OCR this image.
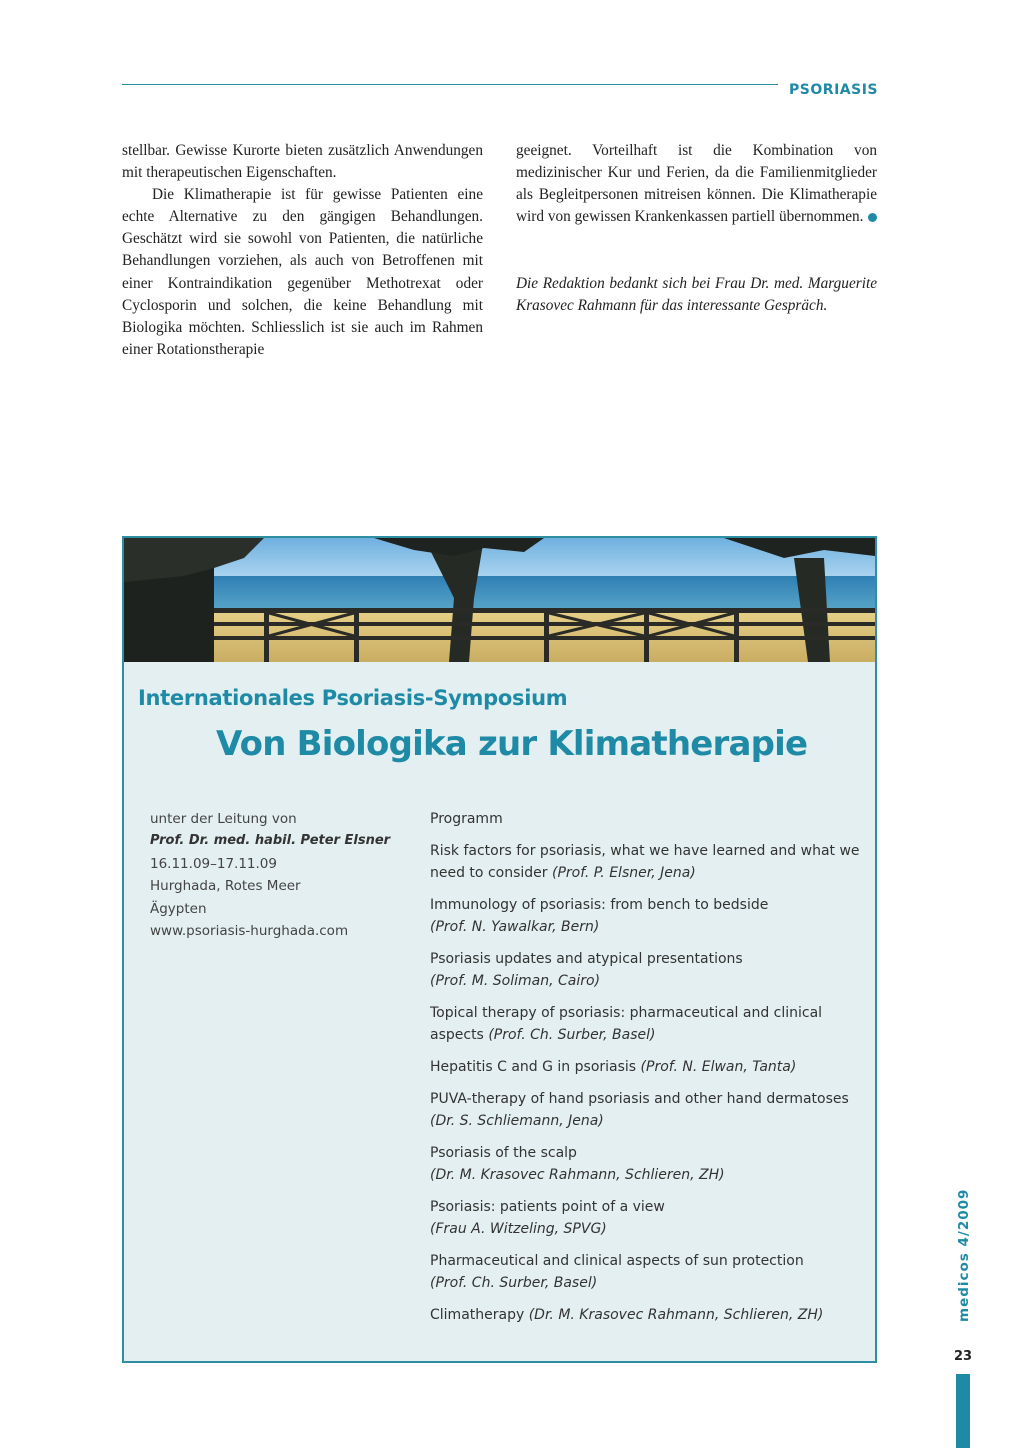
PSORIASIS

stellbar. Gewisse Kurorte bieten zusätzlich Anwendungen mit therapeutischen Eigenschaften.

Die Klimatherapie ist für gewisse Patienten eine echte Alternative zu den gängigen Behandlungen. Geschätzt wird sie sowohl von Patienten, die natürliche Behandlungen vorziehen, als auch von Betroffenen mit einer Kontraindikation gegenüber Methotrexat oder Cyclosporin und solchen, die keine Behandlung mit Biologika möchten. Schliesslich ist sie auch im Rahmen einer Rotationstherapie

geeignet. Vorteilhaft ist die Kombination von medizinischer Kur und Ferien, da die Familienmitglieder als Begleitpersonen mitreisen können. Die Klimatherapie wird von gewissen Krankenkassen partiell übernommen.

Die Redaktion bedankt sich bei Frau Dr. med. Marguerite Krasovec Rahmann für das interessante Gespräch.

Internationales Psoriasis-Symposium
Von Biologika zur Klimatherapie
unter der Leitung von
Prof. Dr. med. habil. Peter Elsner
16.11.09–17.11.09
Hurghada, Rotes Meer
Ägypten
www.psoriasis-hurghada.com
Programm
Risk factors for psoriasis, what we have learned and what we need to consider (Prof. P. Elsner, Jena)
Immunology of psoriasis: from bench to bedside
(Prof. N. Yawalkar, Bern)
Psoriasis updates and atypical presentations
(Prof. M. Soliman, Cairo)
Topical therapy of psoriasis: pharmaceutical and clinical aspects (Prof. Ch. Surber, Basel)
Hepatitis C and G in psoriasis (Prof. N. Elwan, Tanta)
PUVA-therapy of hand psoriasis and other hand dermatoses
(Dr. S. Schliemann, Jena)
Psoriasis of the scalp
(Dr. M. Krasovec Rahmann, Schlieren, ZH)
Psoriasis: patients point of a view
(Frau A. Witzeling, SPVG)
Pharmaceutical and clinical aspects of sun protection
(Prof. Ch. Surber, Basel)
Climatherapy (Dr. M. Krasovec Rahmann, Schlieren, ZH)	medicos 4/2009
23
